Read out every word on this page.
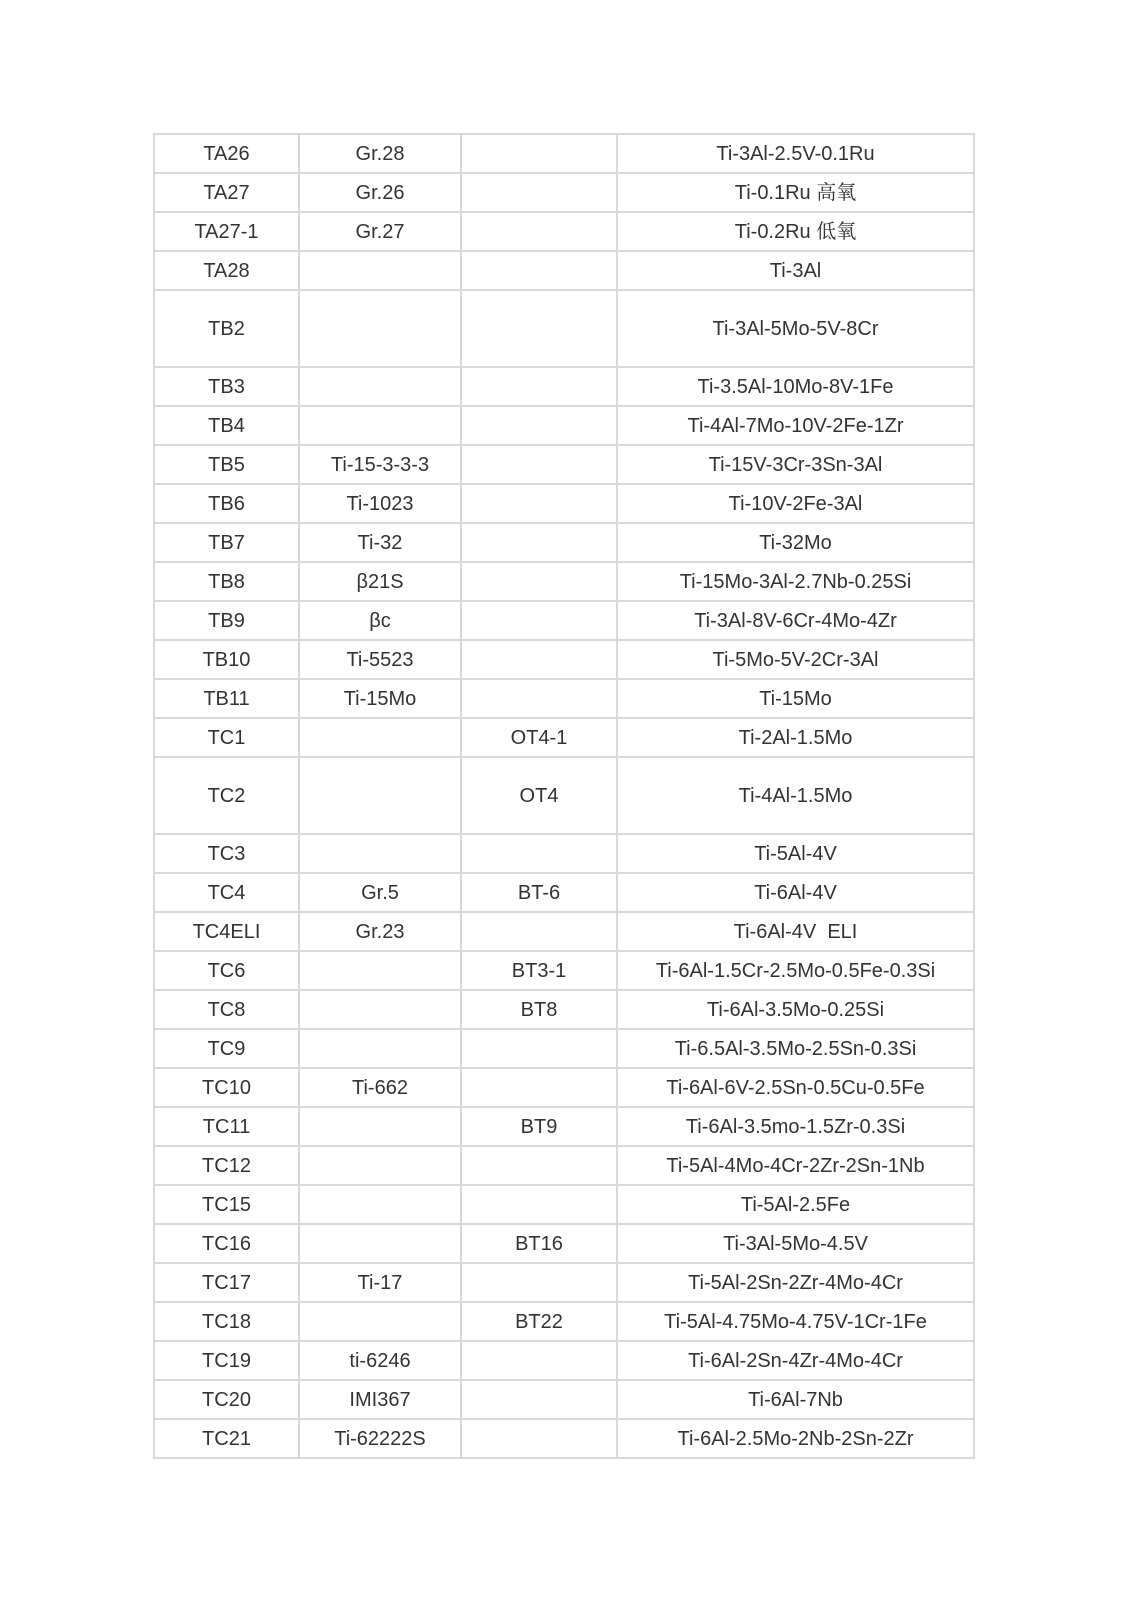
TA26	Gr.28		Ti-3Al-2.5V-0.1Ru
TA27	Gr.26		Ti-0.1Ru 高氧
TA27-1	Gr.27		Ti-0.2Ru 低氧
TA28			Ti-3Al
TB2			Ti-3Al-5Mo-5V-8Cr
TB3			Ti-3.5Al-10Mo-8V-1Fe
TB4			Ti-4Al-7Mo-10V-2Fe-1Zr
TB5	Ti-15-3-3-3		Ti-15V-3Cr-3Sn-3Al
TB6	Ti-1023		Ti-10V-2Fe-3Al
TB7	Ti-32		Ti-32Mo
TB8	β21S		Ti-15Mo-3Al-2.7Nb-0.25Si
TB9	βc		Ti-3Al-8V-6Cr-4Mo-4Zr
TB10	Ti-5523		Ti-5Mo-5V-2Cr-3Al
TB11	Ti-15Mo		Ti-15Mo
TC1		OT4-1	Ti-2Al-1.5Mo
TC2		OT4	Ti-4Al-1.5Mo
TC3			Ti-5Al-4V
TC4	Gr.5	BT-6	Ti-6Al-4V
TC4ELI	Gr.23		Ti-6Al-4V  ELI
TC6		BT3-1	Ti-6Al-1.5Cr-2.5Mo-0.5Fe-0.3Si
TC8		BT8	Ti-6Al-3.5Mo-0.25Si
TC9			Ti-6.5Al-3.5Mo-2.5Sn-0.3Si
TC10	Ti-662		Ti-6Al-6V-2.5Sn-0.5Cu-0.5Fe
TC11		BT9	Ti-6Al-3.5mo-1.5Zr-0.3Si
TC12			Ti-5Al-4Mo-4Cr-2Zr-2Sn-1Nb
TC15			Ti-5Al-2.5Fe
TC16		BT16	Ti-3Al-5Mo-4.5V
TC17	Ti-17		Ti-5Al-2Sn-2Zr-4Mo-4Cr
TC18		BT22	Ti-5Al-4.75Mo-4.75V-1Cr-1Fe
TC19	ti-6246		Ti-6Al-2Sn-4Zr-4Mo-4Cr
TC20	IMI367		Ti-6Al-7Nb
TC21	Ti-62222S		Ti-6Al-2.5Mo-2Nb-2Sn-2Zr
